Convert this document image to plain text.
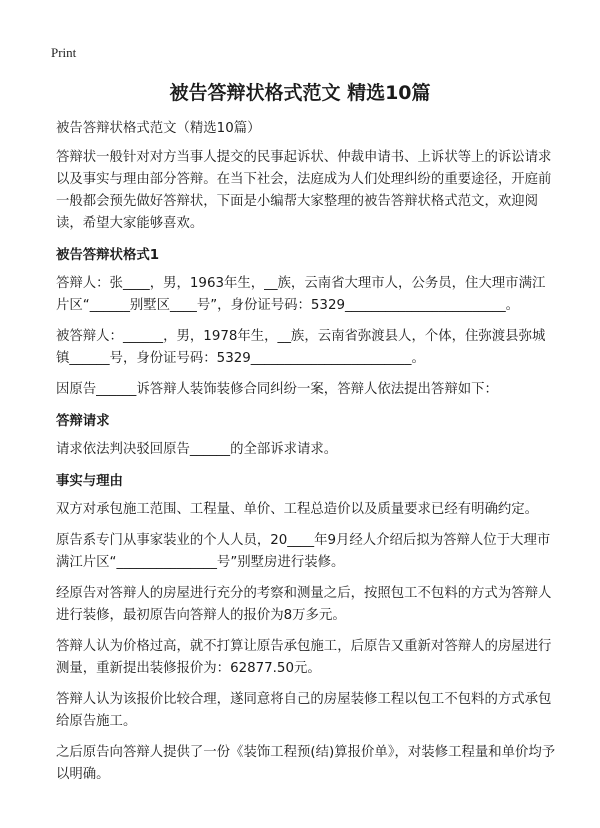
Print
被告答辩状格式范文 精选10篇

被告答辩状格式范文（精选10篇）

答辩状一般针对对方当事人提交的民事起诉状、仲裁申请书、上诉状等上的诉讼请求以及事实与理由部分答辩。在当下社会，法庭成为人们处理纠纷的重要途径，开庭前一般都会预先做好答辩状，下面是小编帮大家整理的被告答辩状格式范文，欢迎阅读，希望大家能够喜欢。

被告答辩状格式1

答辩人：张____，男，1963年生，__族，云南省大理市人，公务员，住大理市满江片区“______别墅区____号”，身份证号码：5329________________________。

被答辩人：______，男，1978年生，__族，云南省弥渡县人，个体，住弥渡县弥城镇______号，身份证号码：5329________________________。

因原告______诉答辩人装饰装修合同纠纷一案，答辩人依法提出答辩如下：

答辩请求

请求依法判决驳回原告______的全部诉求请求。

事实与理由

双方对承包施工范围、工程量、单价、工程总造价以及质量要求已经有明确约定。

原告系专门从事家装业的个人人员，20____年9月经人介绍后拟为答辩人位于大理市满江片区“_______________号”别墅房进行装修。

经原告对答辩人的房屋进行充分的考察和测量之后，按照包工不包料的方式为答辩人进行装修，最初原告向答辩人的报价为8万多元。

答辩人认为价格过高，就不打算让原告承包施工，后原告又重新对答辩人的房屋进行测量，重新提出装修报价为：62877.50元。

答辩人认为该报价比较合理，遂同意将自己的房屋装修工程以包工不包料的方式承包给原告施工。

之后原告向答辩人提供了一份《装饰工程预(结)算报价单》，对装修工程量和单价均予以明确。
